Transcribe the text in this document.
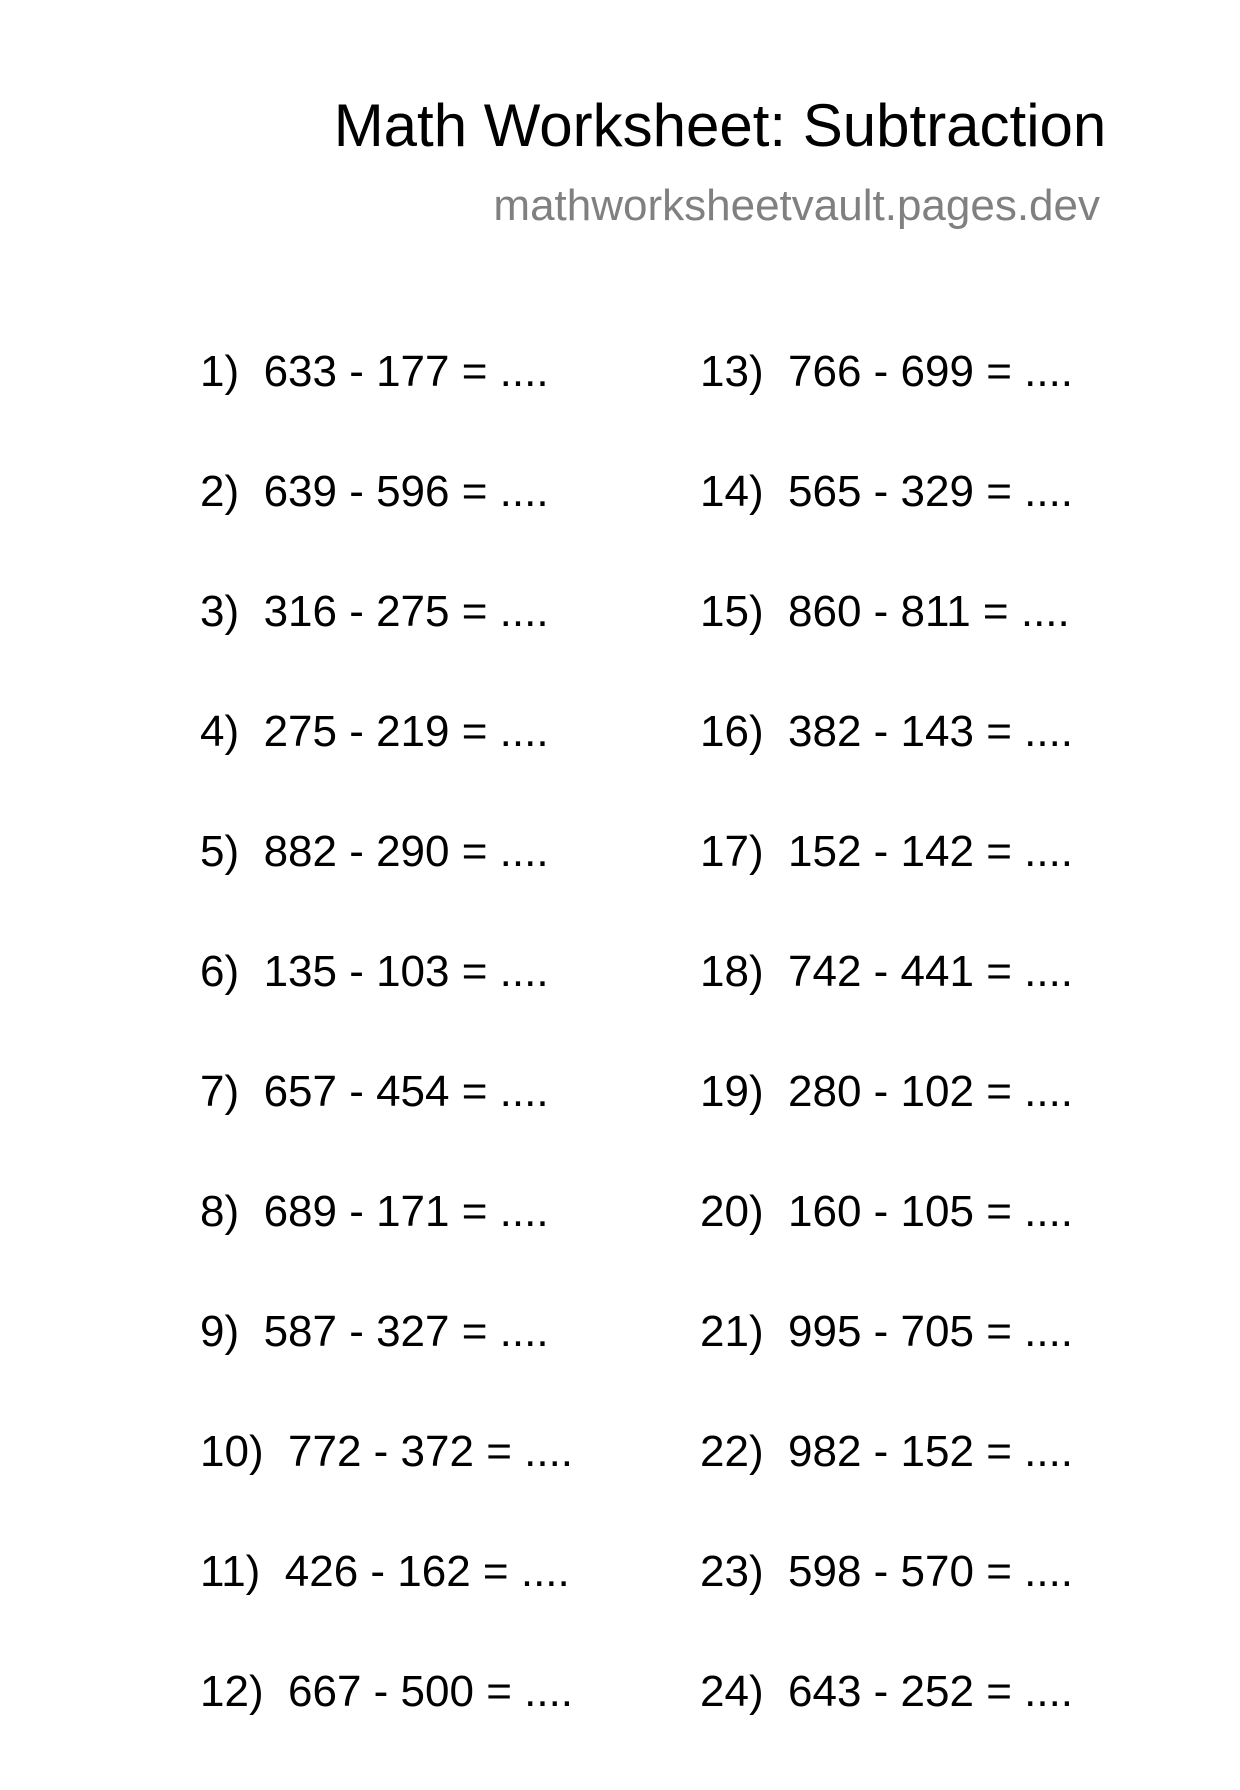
Math Worksheet: Subtraction
mathworksheetvault.pages.dev
1)  633 - 177 = ....
2)  639 - 596 = ....
3)  316 - 275 = ....
4)  275 - 219 = ....
5)  882 - 290 = ....
6)  135 - 103 = ....
7)  657 - 454 = ....
8)  689 - 171 = ....
9)  587 - 327 = ....
10)  772 - 372 = ....
11)  426 - 162 = ....
12)  667 - 500 = ....
13)  766 - 699 = ....
14)  565 - 329 = ....
15)  860 - 811 = ....
16)  382 - 143 = ....
17)  152 - 142 = ....
18)  742 - 441 = ....
19)  280 - 102 = ....
20)  160 - 105 = ....
21)  995 - 705 = ....
22)  982 - 152 = ....
23)  598 - 570 = ....
24)  643 - 252 = ....
